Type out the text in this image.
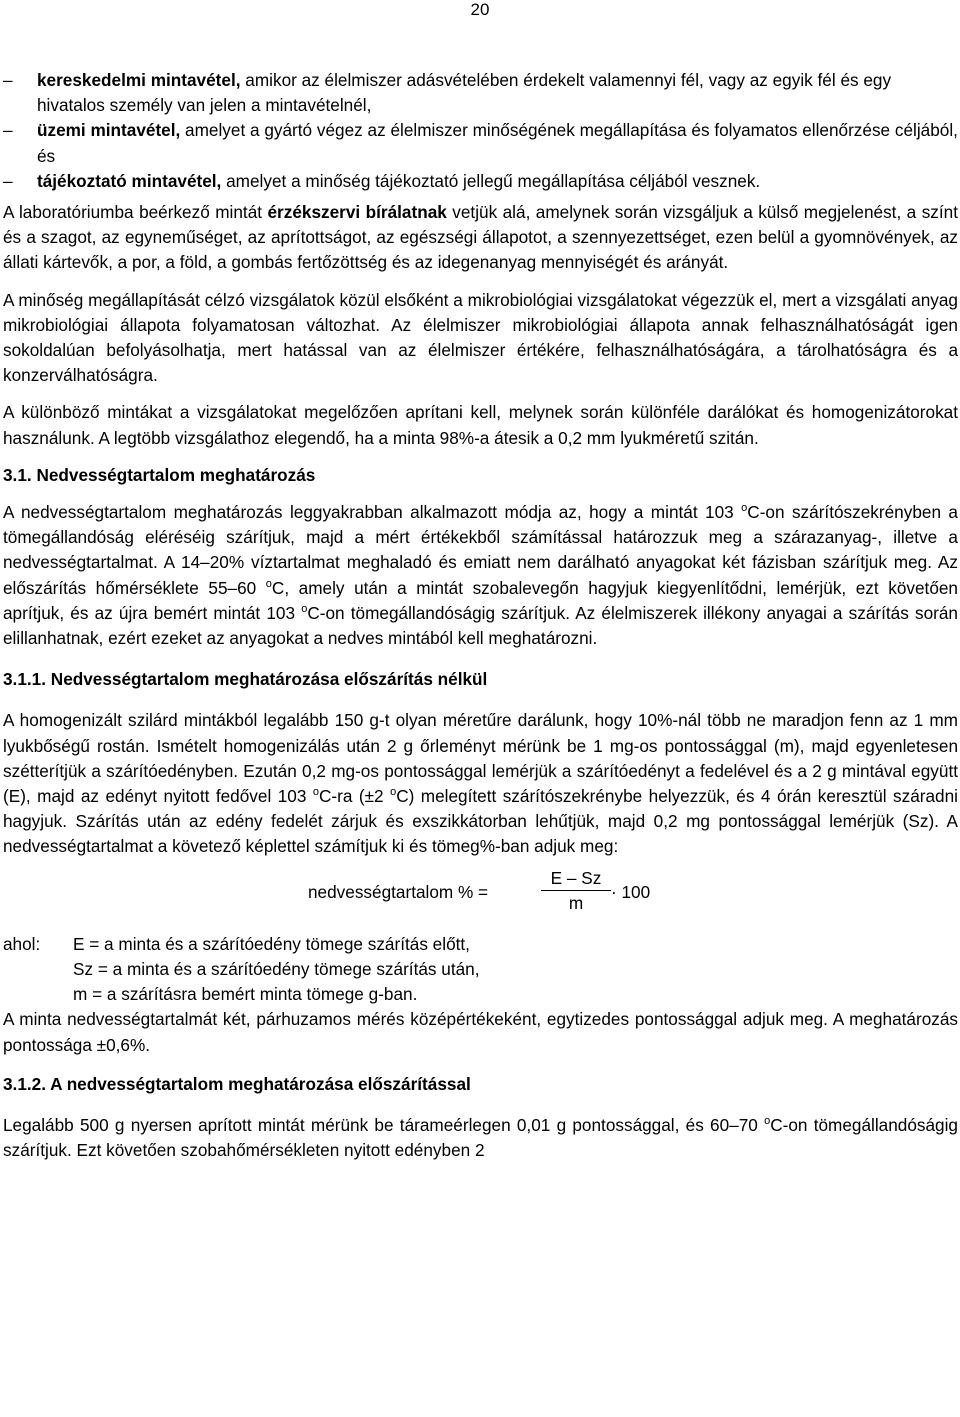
20
–	kereskedelmi mintavétel, amikor az élelmiszer adásvételében érdekelt valamennyi fél, vagy az egyik fél és egy hivatalos személy van jelen a mintavételnél,
–	üzemi mintavétel, amelyet a gyártó végez az élelmiszer minőségének megállapítása és folyamatos ellenőrzése céljából, és
–	tájékoztató mintavétel, amelyet a minőség tájékoztató jellegű megállapítása céljából vesznek.

A laboratóriumba beérkező mintát érzékszervi bírálatnak vetjük alá, amelynek során vizsgáljuk a külső megjelenést, a színt és a szagot, az egyneműséget, az aprítottságot, az egészségi állapotot, a szennyezettséget, ezen belül a gyomnövények, az állati kártevők, a por, a föld, a gombás fertőzöttség és az idegenanyag mennyiségét és arányát.

A minőség megállapítását célzó vizsgálatok közül elsőként a mikrobiológiai vizsgálatokat végezzük el, mert a vizsgálati anyag mikrobiológiai állapota folyamatosan változhat. Az élelmiszer mikrobiológiai állapota annak felhasználhatóságát igen sokoldalúan befolyásolhatja, mert hatással van az élelmiszer értékére, felhasználhatóságára, a tárolhatóságra és a konzerválhatóságra.

A különböző mintákat a vizsgálatokat megelőzően aprítani kell, melynek során különféle darálókat és homogenizátorokat használunk. A legtöbb vizsgálathoz elegendő, ha a minta 98%-a átesik a 0,2 mm lyukméretű szitán.

3.1. Nedvességtartalom meghatározás

A nedvességtartalom meghatározás leggyakrabban alkalmazott módja az, hogy a mintát 103 $^o$C-on szárítószekrényben a tömegállandóság eléréséig szárítjuk, majd a mért értékekből számítással határozzuk meg a szárazanyag-, illetve a nedvességtartalmat. A 14–20% víztartalmat meghaladó és emiatt nem darálható anyagokat két fázisban szárítjuk meg. Az előszárítás hőmérséklete 55–60 $^o$C, amely után a mintát szobalevegőn hagyjuk kiegyenlítődni, lemérjük, ezt követően aprítjuk, és az újra bemért mintát 103 $^o$C-on tömegállandóságig szárítjuk. Az élelmiszerek illékony anyagai a szárítás során elillanhatnak, ezért ezeket az anyagokat a nedves mintából kell meghatározni.

3.1.1. Nedvességtartalom meghatározása előszárítás nélkül

A homogenizált szilárd mintákból legalább 150 g-t olyan méretűre darálunk, hogy 10%-nál több ne maradjon fenn az 1 mm lyukbőségű rostán. Ismételt homogenizálás után 2 g őrleményt mérünk be 1 mg-os pontossággal (m), majd egyenletesen szétterítjük a szárítóedényben. Ezután 0,2 mg-os pontossággal lemérjük a szárítóedényt a fedelével és a 2 g mintával együtt (E), majd az edényt nyitott fedővel 103 $^o$C-ra (±2 $^o$C) melegített szárítószekrénybe helyezzük, és 4 órán keresztül száradni hagyjuk. Szárítás után az edény fedelét zárjuk és exszikkátorban lehűtjük, majd 0,2 mg pontossággal lemérjük (Sz). A nedvességtartalmat a követező képlettel számítjuk ki és tömeg%-ban adjuk meg:

nedvességtartalom % =	$\frac{E - Sz}{m} \cdot 100$
ahol:	E = a minta és a szárítóedény tömege szárítás előtt,
Sz = a minta és a szárítóedény tömege szárítás után,
m = a szárításra bemért minta tömege g-ban.

A minta nedvességtartalmát két, párhuzamos mérés középértékeként, egytizedes pontossággal adjuk meg. A meghatározás pontossága ±0,6%.

3.1.2. A nedvességtartalom meghatározása előszárítással

Legalább 500 g nyersen aprított mintát mérünk be tárameérlegen 0,01 g pontossággal, és 60–70 $^o$C-on tömegállandóságig szárítjuk. Ezt követően szobahőmérsékleten nyitott edényben 2
